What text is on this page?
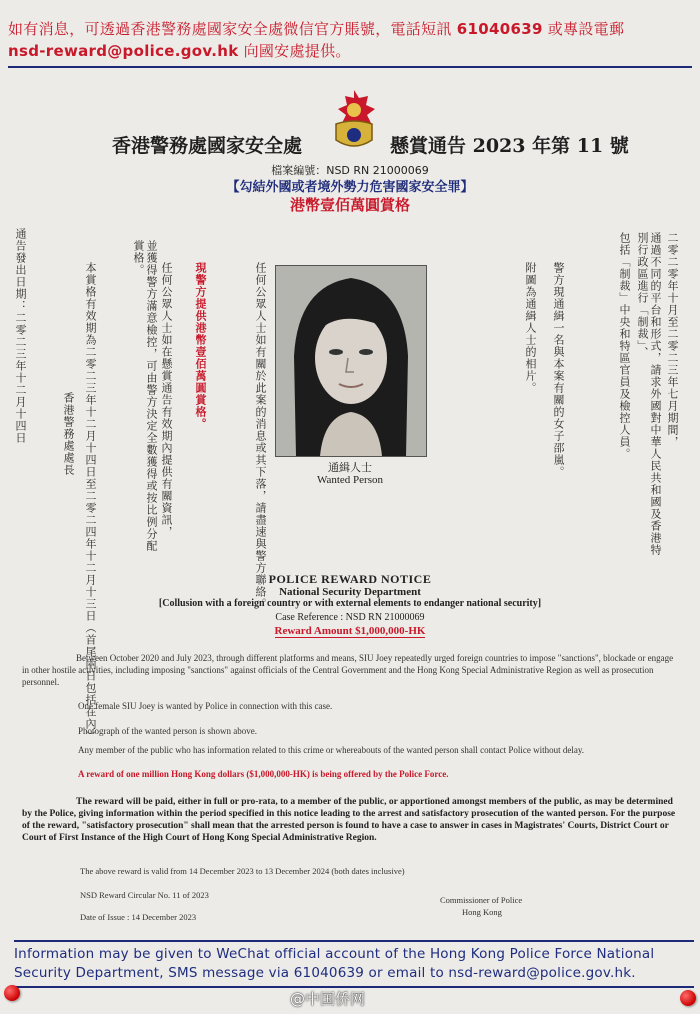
如有消息，可透過香港警務處國家安全處微信官方賬號，電話短訊 61040639 或專設電郵
nsd-reward@police.gov.hk 向國安處提供。
香港警務處國家安全處	懸賞通告 2023 年第 11 號
檔案編號：NSD RN 21000069
【勾結外國或者境外勢力危害國家安全罪】
港幣壹佰萬圓賞格
二零二零年十月至二零二三年七月期間，
通過不同的平台和形式，請求外國對中華人民共和國及香港特別行政區進行「制裁」、
包括「制裁」中央和特區官員及檢控人員。
警方現通緝一名與本案有關的女子邵嵐。
附圖為通緝人士的相片。
通緝人士
Wanted Person
任何公眾人士如有關於此案的消息或其下落，請盡速與警方聯絡。
現警方提供港幣壹佰萬圓賞格。
任何公眾人士如在懸賞通告有效期內提供有關資訊，
並獲得警方滿意檢控，可由警方決定全數獲得或按比例分配賞格。
本賞格有效期為二零二三年十二月十四日至二零二四年十二月十三日（首尾兩日包括在內）
香港警務處處長
通告發出日期：二零二三年十二月十四日
POLICE REWARD NOTICE
National Security Department
[Collusion with a foreign country or with external elements to endanger national security]
Case Reference : NSD RN 21000069
Reward Amount $1,000,000-HK
Between October 2020 and July 2023, through different platforms and means, SIU Joey repeatedly urged foreign countries to impose "sanctions", blockade or engage in other hostile activities, including imposing "sanctions" against officials of the Central Government and the Hong Kong Special Administrative Region as well as prosecution personnel.
One female SIU Joey is wanted by Police in connection with this case.
Photograph of the wanted person is shown above.
Any member of the public who has information related to this crime or whereabouts of the wanted person shall contact Police without delay.
A reward of one million Hong Kong dollars ($1,000,000-HK) is being offered by the Police Force.
The reward will be paid, either in full or pro-rata, to a member of the public, or apportioned amongst members of the public, as may be determined by the Police, giving information within the period specified in this notice leading to the arrest and satisfactory prosecution of the wanted person. For the purpose of the reward, "satisfactory prosecution" shall mean that the arrested person is found to have a case to answer in cases in Magistrates' Courts, District Court or Court of First Instance of the High Court of Hong Kong Special Administrative Region.
The above reward is valid from 14 December 2023 to 13 December 2024 (both dates inclusive)
NSD Reward Circular No. 11 of 2023
Date of Issue : 14 December 2023
Commissioner of Police
Hong Kong
Information may be given to WeChat official account of the Hong Kong Police Force National
Security Department, SMS message via 61040639 or email to nsd-reward@police.gov.hk.
@中国侨网
